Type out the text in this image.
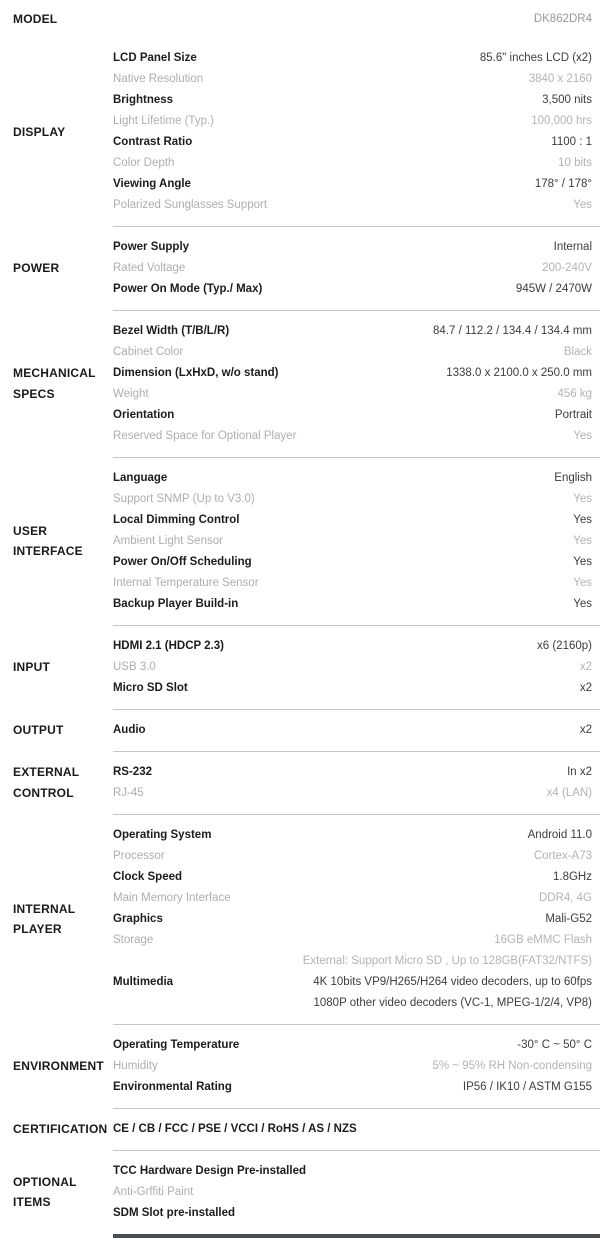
MODEL	DK862DR4
DISPLAY
LCD Panel Size	85.6" inches LCD (x2)
Native Resolution	3840 x 2160
Brightness	3,500 nits
Light Lifetime (Typ.)	100,000 hrs
Contrast Ratio	1100 : 1
Color Depth	10 bits
Viewing Angle	178° / 178°
Polarized Sunglasses Support	Yes
POWER
Power Supply	Internal
Rated Voltage	200-240V
Power On Mode (Typ./ Max)	945W / 2470W
MECHANICAL SPECS
Bezel Width (T/B/L/R)	84.7 / 112.2 / 134.4 / 134.4 mm
Cabinet Color	Black
Dimension (LxHxD, w/o stand)	1338.0 x 2100.0 x 250.0 mm
Weight	456 kg
Orientation	Portrait
Reserved Space for Optional Player	Yes
USER INTERFACE
Language	English
Support SNMP (Up to V3.0)	Yes
Local Dimming Control	Yes
Ambient Light Sensor	Yes
Power On/Off Scheduling	Yes
Internal Temperature Sensor	Yes
Backup Player Build-in	Yes
INPUT
HDMI 2.1 (HDCP 2.3)	x6 (2160p)
USB 3.0	x2
Micro SD Slot	x2
OUTPUT	Audio	x2
EXTERNAL CONTROL
RS-232	In x2
RJ-45	x4 (LAN)
INTERNAL PLAYER
Operating System	Android 11.0
Processor	Cortex-A73
Clock Speed	1.8GHz
Main Memory Interface	DDR4, 4G
Graphics	Mali-G52
Storage	16GB eMMC Flash
External: Support Micro SD , Up to 128GB(FAT32/NTFS)
Multimedia	4K 10bits VP9/H265/H264 video decoders, up to 60fps
1080P other video decoders (VC-1, MPEG-1/2/4, VP8)
ENVIRONMENT
Operating Temperature	-30° C ~ 50° C
Humidity	5% ~ 95% RH Non-condensing
Environmental Rating	IP56 / IK10 / ASTM G155
CERTIFICATION CE / CB / FCC / PSE / VCCI / RoHS / AS / NZS
OPTIONAL ITEMS
TCC Hardware Design Pre-installed
Anti-Grffiti Paint
SDM Slot pre-installed
